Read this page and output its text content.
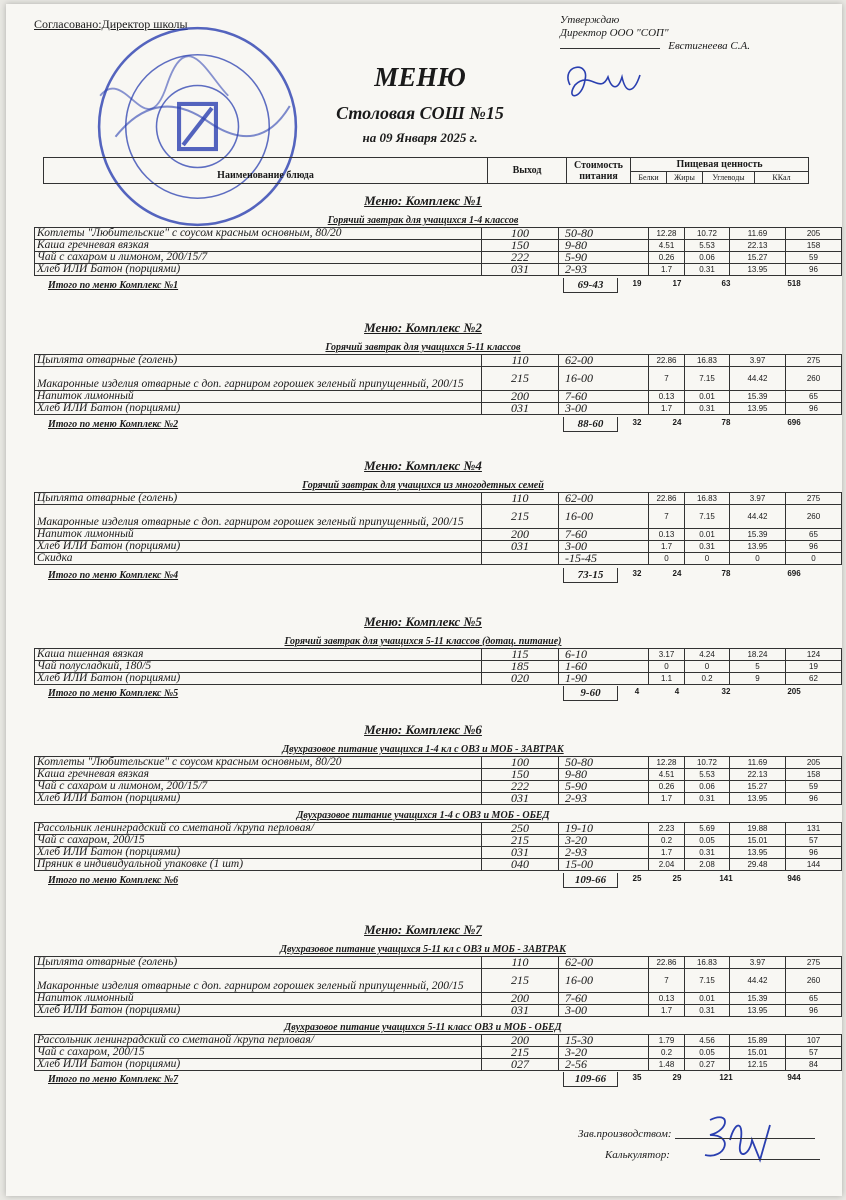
Согласовано:Директор школы	Утверждаю
Директор ООО "СОП"
Евстигнеева С.А.
МЕНЮ
Столовая СОШ №15
на 09 Января 2025 г.
Наименование блюда	Выход	Стоимость питания	Пищевая ценность			
			Белки	Жиры	Углеводы	ККал
Меню: Комплекс №1
Горячий завтрак для учащихся 1-4 классов
Котлеты "Любительские" с соусом красным основным, 80/20	100	50-80	12.28	10.72	11.69	205
Каша гречневая вязкая	150	9-80	4.51	5.53	22.13	158
Чай с сахаром и лимоном, 200/15/7	222	5-90	0.26	0.06	15.27	59
Хлеб ИЛИ Батон (порциями)	031	2-93	1.7	0.31	13.95	96
Итого по меню Комплекс №1	69-43	19	17	63	518
Меню: Комплекс №2
Горячий завтрак для учащихся 5-11 классов
Цыплята отварные (голень)	110	62-00	22.86	16.83	3.97	275
Макаронные изделия отварные с доп. гарниром горошек зеленый припущенный, 200/15	215	16-00	7	7.15	44.42	260
Напиток лимонный	200	7-60	0.13	0.01	15.39	65
Хлеб ИЛИ Батон (порциями)	031	3-00	1.7	0.31	13.95	96
Итого по меню Комплекс №2	88-60	32	24	78	696
Меню: Комплекс №4
Горячий завтрак для учащихся из многодетных семей
Цыплята отварные (голень)	110	62-00	22.86	16.83	3.97	275
Макаронные изделия отварные с доп. гарниром горошек зеленый припущенный, 200/15	215	16-00	7	7.15	44.42	260
Напиток лимонный	200	7-60	0.13	0.01	15.39	65
Хлеб ИЛИ Батон (порциями)	031	3-00	1.7	0.31	13.95	96
Скидка		-15-45	0	0	0	0
Итого по меню Комплекс №4	73-15	32	24	78	696
Меню: Комплекс №5
Горячий завтрак для учащихся 5-11 классов (дотац. питание)
Каша пшенная вязкая	115	6-10	3.17	4.24	18.24	124
Чай полусладкий, 180/5	185	1-60	0	0	5	19
Хлеб ИЛИ Батон (порциями)	020	1-90	1.1	0.2	9	62
Итого по меню Комплекс №5	9-60	4	4	32	205
Меню: Комплекс №6
Двухразовое питание учащихся 1-4 кл с ОВЗ и МОБ - ЗАВТРАК
Котлеты "Любительские" с соусом красным основным, 80/20	100	50-80	12.28	10.72	11.69	205
Каша гречневая вязкая	150	9-80	4.51	5.53	22.13	158
Чай с сахаром и лимоном, 200/15/7	222	5-90	0.26	0.06	15.27	59
Хлеб ИЛИ Батон (порциями)	031	2-93	1.7	0.31	13.95	96
Двухразовое питание учащихся 1-4 с ОВЗ и МОБ - ОБЕД
Рассольник ленинградский со сметаной /крупа перловая/	250	19-10	2.23	5.69	19.88	131
Чай с сахаром, 200/15	215	3-20	0.2	0.05	15.01	57
Хлеб ИЛИ Батон (порциями)	031	2-93	1.7	0.31	13.95	96
Пряник в индивидуальной упаковке (1 шт)	040	15-00	2.04	2.08	29.48	144
Итого по меню Комплекс №6	109-66	25	25	141	946
Меню: Комплекс №7
Двухразовое питание учащихся 5-11 кл с ОВЗ и МОБ - ЗАВТРАК
Цыплята отварные (голень)	110	62-00	22.86	16.83	3.97	275
Макаронные изделия отварные с доп. гарниром горошек зеленый припущенный, 200/15	215	16-00	7	7.15	44.42	260
Напиток лимонный	200	7-60	0.13	0.01	15.39	65
Хлеб ИЛИ Батон (порциями)	031	3-00	1.7	0.31	13.95	96
Двухразовое питание учащихся 5-11 класс ОВЗ и МОБ - ОБЕД
Рассольник ленинградский со сметаной /крупа перловая/	200	15-30	1.79	4.56	15.89	107
Чай с сахаром, 200/15	215	3-20	0.2	0.05	15.01	57
Хлеб ИЛИ Батон (порциями)	027	2-56	1.48	0.27	12.15	84
Итого по меню Комплекс №7	109-66	35	29	121	944
Зав.производством:
Калькулятор:
